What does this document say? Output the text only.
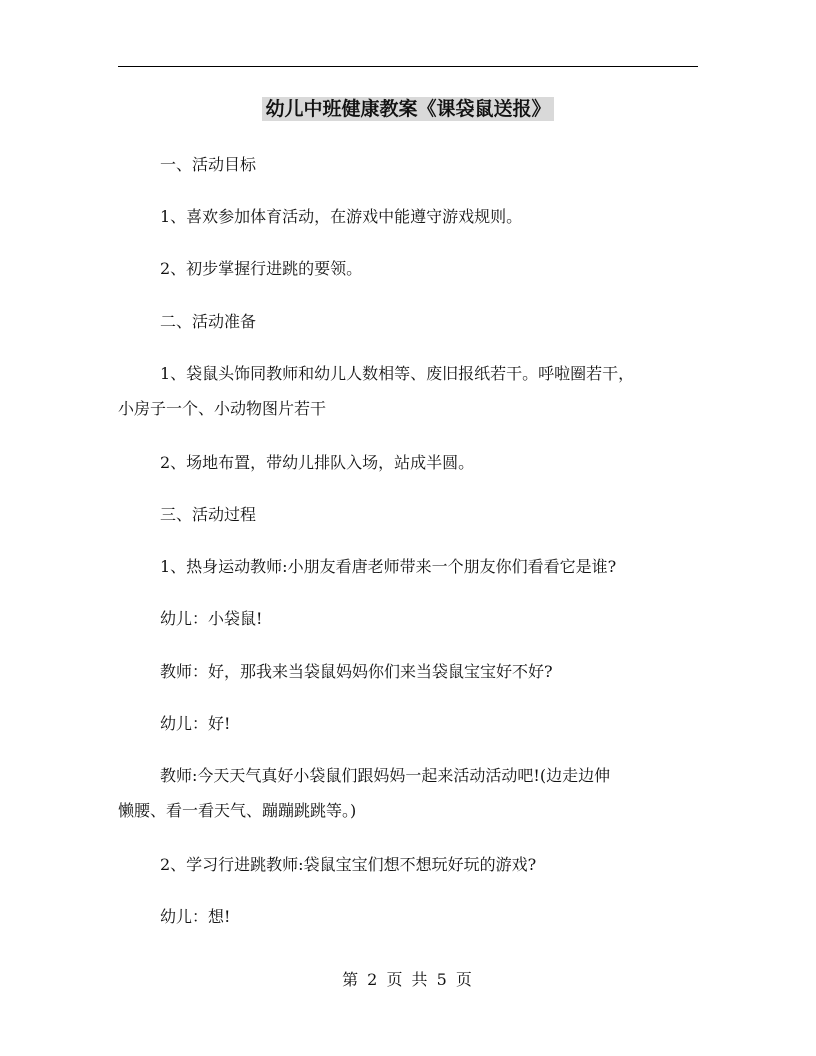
幼儿中班健康教案《课袋鼠送报》
一、活动目标
1、喜欢参加体育活动，在游戏中能遵守游戏规则。
2、初步掌握行进跳的要领。
二、活动准备
1、袋鼠头饰同教师和幼儿人数相等、废旧报纸若干。呼啦圈若干，
小房子一个、小动物图片若干
2、场地布置，带幼儿排队入场，站成半圆。
三、活动过程
1、热身运动教师:小朋友看唐老师带来一个朋友你们看看它是谁?
幼儿：小袋鼠!
教师：好，那我来当袋鼠妈妈你们来当袋鼠宝宝好不好?
幼儿：好!
教师:今天天气真好小袋鼠们跟妈妈一起来活动活动吧!(边走边伸
懒腰、看一看天气、蹦蹦跳跳等。)
2、学习行进跳教师:袋鼠宝宝们想不想玩好玩的游戏?
幼儿：想!
第 2 页 共 5 页
